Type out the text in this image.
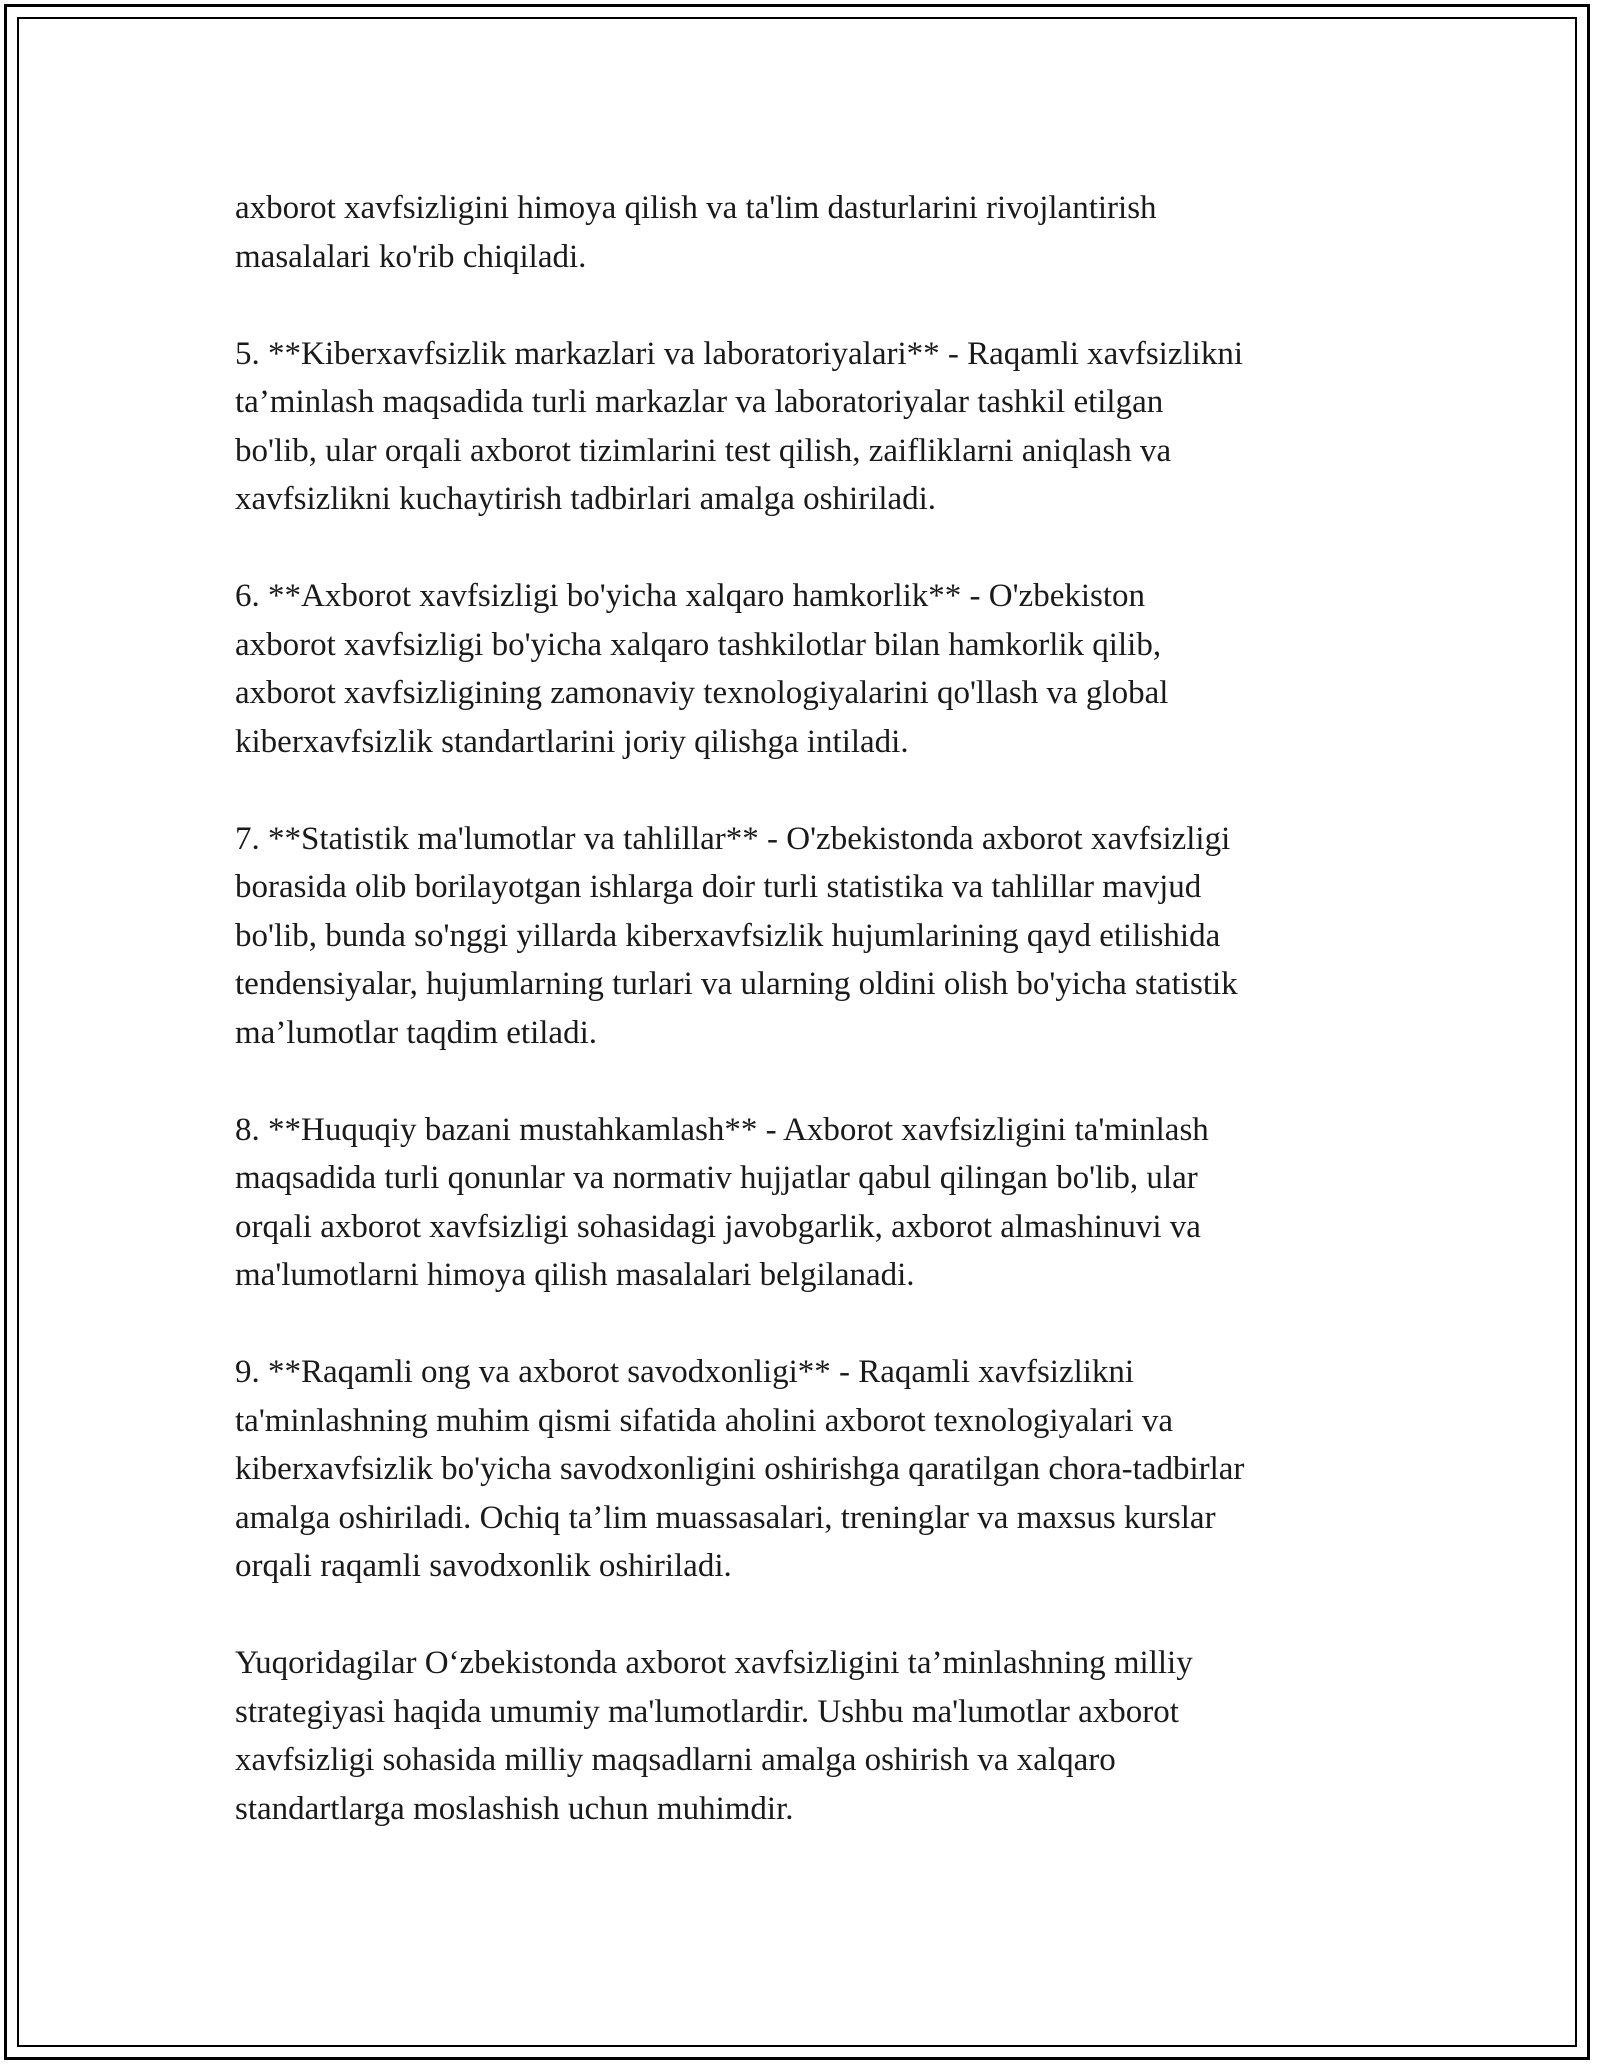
axborot xavfsizligini himoya qilish va ta'lim dasturlarini rivojlantirish
masalalari ko'rib chiqiladi.

5. **Kiberxavfsizlik markazlari va laboratoriyalari** - Raqamli xavfsizlikni
ta’minlash maqsadida turli markazlar va laboratoriyalar tashkil etilgan
bo'lib, ular orqali axborot tizimlarini test qilish, zaifliklarni aniqlash va
xavfsizlikni kuchaytirish tadbirlari amalga oshiriladi.

6. **Axborot xavfsizligi bo'yicha xalqaro hamkorlik** - O'zbekiston
axborot xavfsizligi bo'yicha xalqaro tashkilotlar bilan hamkorlik qilib,
axborot xavfsizligining zamonaviy texnologiyalarini qo'llash va global
kiberxavfsizlik standartlarini joriy qilishga intiladi.

7. **Statistik ma'lumotlar va tahlillar** - O'zbekistonda axborot xavfsizligi
borasida olib borilayotgan ishlarga doir turli statistika va tahlillar mavjud
bo'lib, bunda so'nggi yillarda kiberxavfsizlik hujumlarining qayd etilishida
tendensiyalar, hujumlarning turlari va ularning oldini olish bo'yicha statistik
ma’lumotlar taqdim etiladi.

8. **Huquqiy bazani mustahkamlash** - Axborot xavfsizligini ta'minlash
maqsadida turli qonunlar va normativ hujjatlar qabul qilingan bo'lib, ular
orqali axborot xavfsizligi sohasidagi javobgarlik, axborot almashinuvi va
ma'lumotlarni himoya qilish masalalari belgilanadi.

9. **Raqamli ong va axborot savodxonligi** - Raqamli xavfsizlikni
ta'minlashning muhim qismi sifatida aholini axborot texnologiyalari va
kiberxavfsizlik bo'yicha savodxonligini oshirishga qaratilgan chora-tadbirlar
amalga oshiriladi. Ochiq ta’lim muassasalari, treninglar va maxsus kurslar
orqali raqamli savodxonlik oshiriladi.

Yuqoridagilar O‘zbekistonda axborot xavfsizligini ta’minlashning milliy
strategiyasi haqida umumiy ma'lumotlardir. Ushbu ma'lumotlar axborot
xavfsizligi sohasida milliy maqsadlarni amalga oshirish va xalqaro
standartlarga moslashish uchun muhimdir.
